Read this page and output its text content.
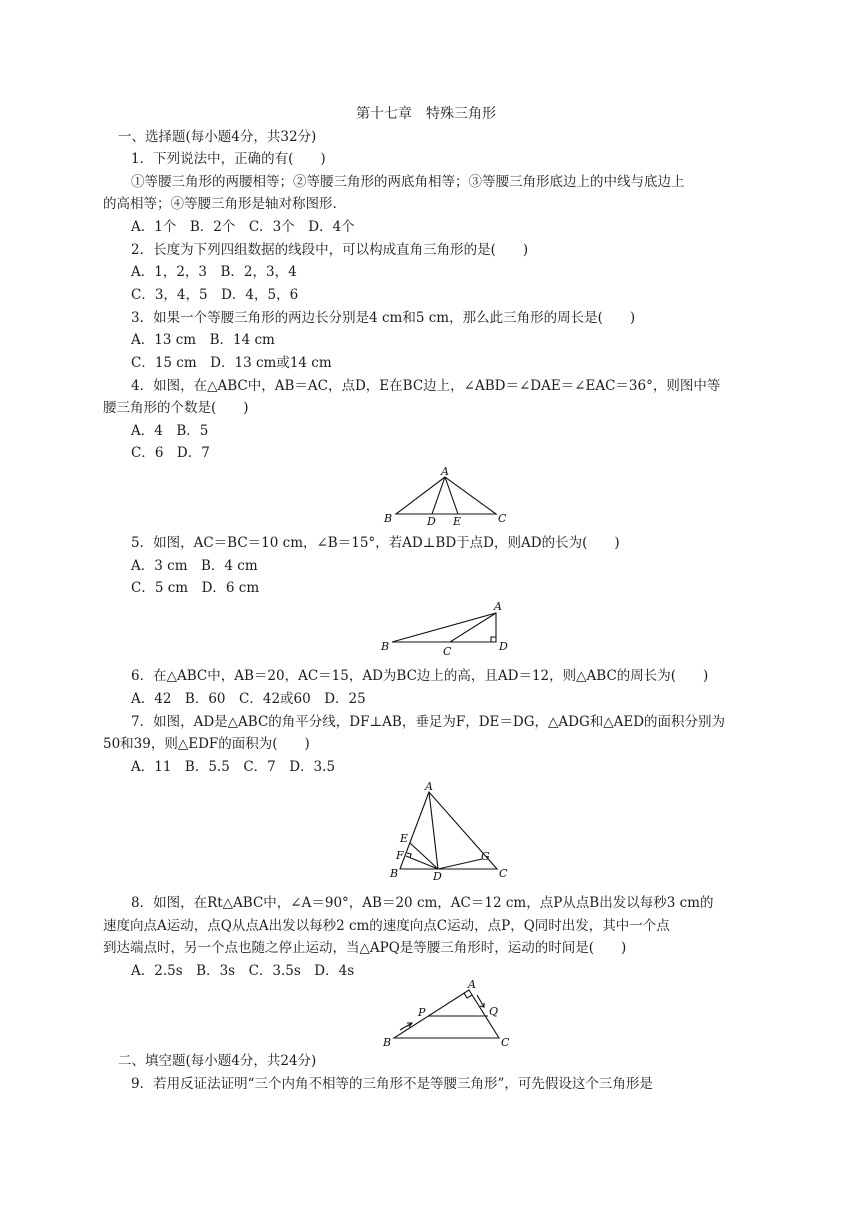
第十七章　特殊三角形
一、选择题(每小题4分，共32分)
1．下列说法中，正确的有(　　)
①等腰三角形的两腰相等；②等腰三角形的两底角相等；③等腰三角形底边上的中线与底边上
的高相等；④等腰三角形是轴对称图形.
A．1个　B．2个　C．3个　D．4个
2．长度为下列四组数据的线段中，可以构成直角三角形的是(　　)
A．1，2，3　B．2，3，4
C．3，4，5　D．4，5，6
3．如果一个等腰三角形的两边长分别是4 cm和5 cm，那么此三角形的周长是(　　)
A．13 cm　B．14 cm
C．15 cm　D．13 cm或14 cm
4．如图，在△ABC中，AB＝AC，点D，E在BC边上，∠ABD＝∠DAE＝∠EAC＝36°，则图中等
腰三角形的个数是(　　)
A．4　B．5
C．6　D．7
A
B	D E	C
5．如图，AC＝BC＝10 cm，∠B＝15°，若AD⊥BD于点D，则AD的长为(　　)
A．3 cm　B．4 cm
C．5 cm　D．6 cm
A
B	C	D
6．在△ABC中，AB＝20，AC＝15，AD为BC边上的高，且AD＝12，则△ABC的周长为(　　)
A．42　B．60　C．42或60　D．25
7．如图，AD是△ABC的角平分线，DF⊥AB，垂足为F，DE＝DG，△ADG和△AED的面积分别为
50和39，则△EDF的面积为(　　)
A．11　B．5.5　C．7　D．3.5
A
E
F
B	D
G
C
8．如图，在Rt△ABC中，∠A＝90°，AB＝20 cm，AC＝12 cm，点P从点B出发以每秒3 cm的
速度向点A运动，点Q从点A出发以每秒2 cm的速度向点C运动，点P，Q同时出发，其中一个点
到达端点时，另一个点也随之停止运动，当△APQ是等腰三角形时，运动的时间是(　　)
A．2.5s　B．3s　C．3.5s　D．4s
A
P	Q
B	C
二、填空题(每小题4分，共24分)
9．若用反证法证明“三个内角不相等的三角形不是等腰三角形”，可先假设这个三角形是
